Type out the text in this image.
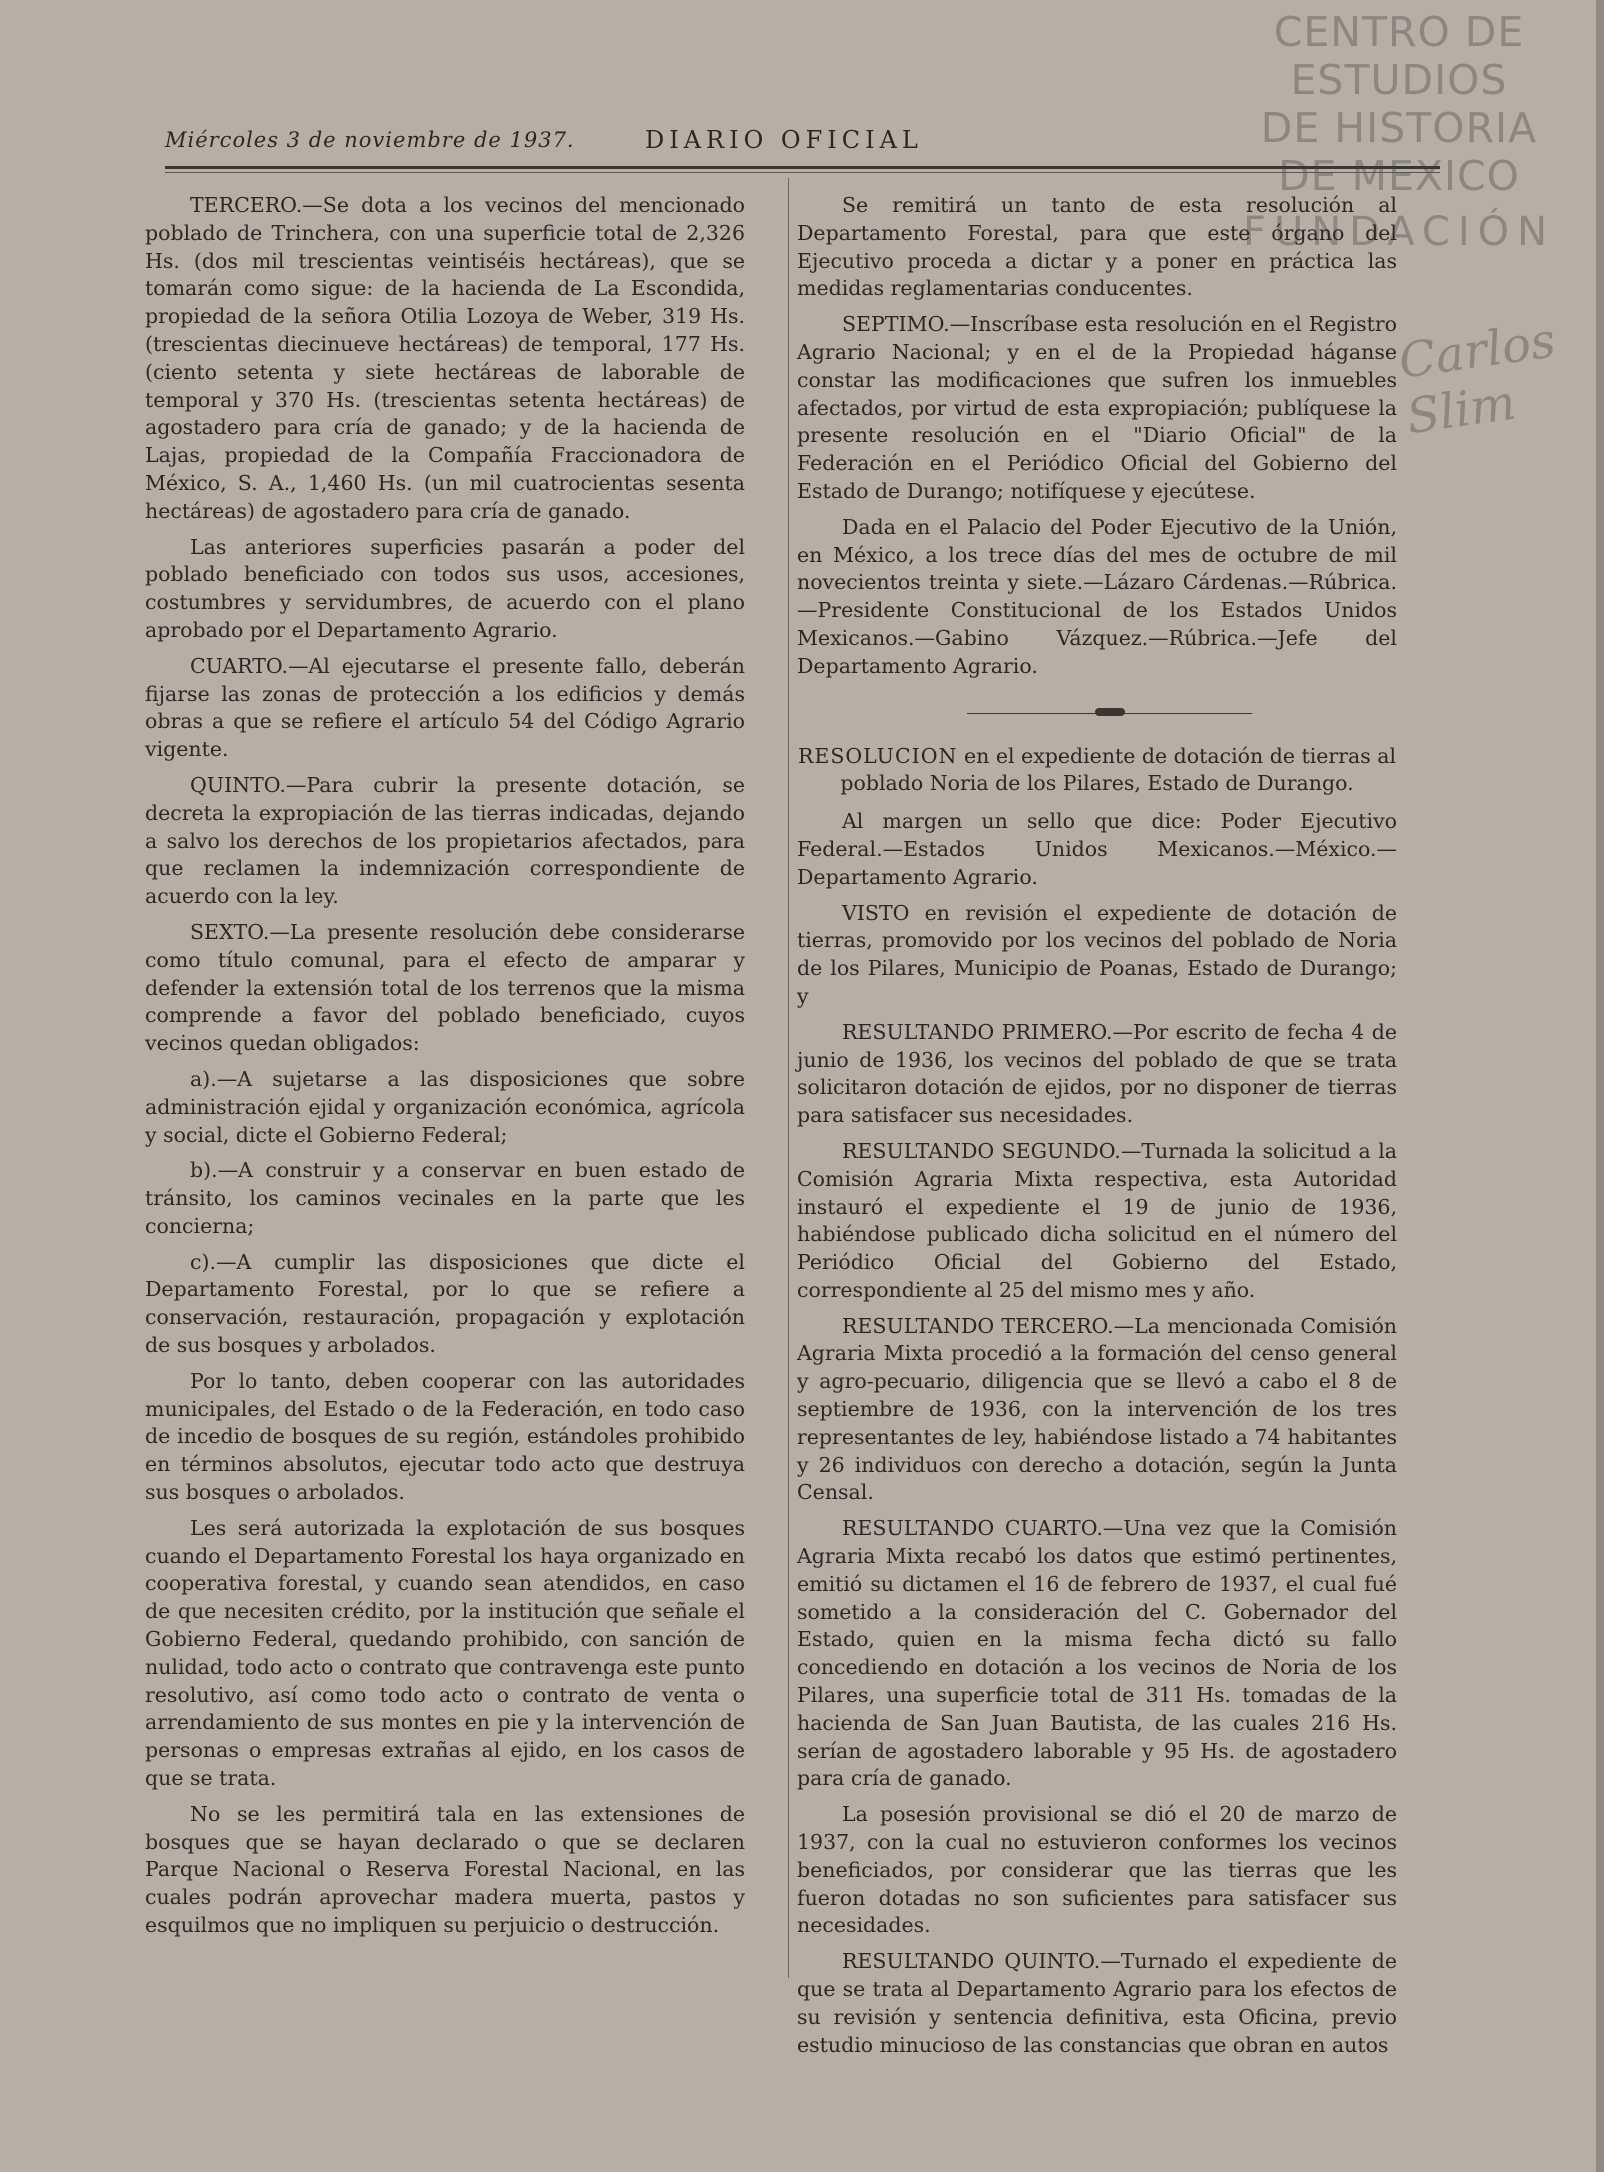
CENTRO DE
ESTUDIOS
DE HISTORIA
DE MEXICO
FUNDACIÓN
Carlos Slim
Miércoles 3 de noviembre de 1937.	DIARIO OFICIAL

TERCERO.—Se dota a los vecinos del mencionado poblado de Trinchera, con una superficie total de 2,326 Hs. (dos mil trescientas veintiséis hectáreas), que se tomarán como sigue: de la hacienda de La Escondida, propiedad de la señora Otilia Lozoya de Weber, 319 Hs. (trescientas diecinueve hectáreas) de temporal, 177 Hs. (ciento setenta y siete hectáreas de laborable de temporal y 370 Hs. (trescientas setenta hectáreas) de agostadero para cría de ganado; y de la hacienda de Lajas, propiedad de la Compañía Fraccionadora de México, S. A., 1,460 Hs. (un mil cuatrocientas sesenta hectáreas) de agostadero para cría de ganado.

Las anteriores superficies pasarán a poder del poblado beneficiado con todos sus usos, accesiones, costumbres y servidumbres, de acuerdo con el plano aprobado por el Departamento Agrario.

CUARTO.—Al ejecutarse el presente fallo, deberán fijarse las zonas de protección a los edificios y demás obras a que se refiere el artículo 54 del Código Agrario vigente.

QUINTO.—Para cubrir la presente dotación, se decreta la expropiación de las tierras indicadas, dejando a salvo los derechos de los propietarios afectados, para que reclamen la indemnización correspondiente de acuerdo con la ley.

SEXTO.—La presente resolución debe considerarse como título comunal, para el efecto de amparar y defender la extensión total de los terrenos que la misma comprende a favor del poblado beneficiado, cuyos vecinos quedan obligados:

a).—A sujetarse a las disposiciones que sobre administración ejidal y organización económica, agrícola y social, dicte el Gobierno Federal;

b).—A construir y a conservar en buen estado de tránsito, los caminos vecinales en la parte que les concierna;

c).—A cumplir las disposiciones que dicte el Departamento Forestal, por lo que se refiere a conservación, restauración, propagación y explotación de sus bosques y arbolados.

Por lo tanto, deben cooperar con las autoridades municipales, del Estado o de la Federación, en todo caso de incedio de bosques de su región, estándoles prohibido en términos absolutos, ejecutar todo acto que destruya sus bosques o arbolados.

Les será autorizada la explotación de sus bosques cuando el Departamento Forestal los haya organizado en cooperativa forestal, y cuando sean atendidos, en caso de que necesiten crédito, por la institución que señale el Gobierno Federal, quedando prohibido, con sanción de nulidad, todo acto o contrato que contravenga este punto resolutivo, así como todo acto o contrato de venta o arrendamiento de sus montes en pie y la intervención de personas o empresas extrañas al ejido, en los casos de que se trata.

No se les permitirá tala en las extensiones de bosques que se hayan declarado o que se declaren Parque Nacional o Reserva Forestal Nacional, en las cuales podrán aprovechar madera muerta, pastos y esquilmos que no impliquen su perjuicio o destrucción.

Se remitirá un tanto de esta resolución al Departamento Forestal, para que este órgano del Ejecutivo proceda a dictar y a poner en práctica las medidas reglamentarias conducentes.

SEPTIMO.—Inscríbase esta resolución en el Registro Agrario Nacional; y en el de la Propiedad háganse constar las modificaciones que sufren los inmuebles afectados, por virtud de esta expropiación; publíquese la presente resolución en el "Diario Oficial" de la Federación en el Periódico Oficial del Gobierno del Estado de Durango; notifíquese y ejecútese.

Dada en el Palacio del Poder Ejecutivo de la Unión, en México, a los trece días del mes de octubre de mil novecientos treinta y siete.—Lázaro Cárdenas.—Rúbrica.—Presidente Constitucional de los Estados Unidos Mexicanos.—Gabino Vázquez.—Rúbrica.—Jefe del Departamento Agrario.

RESOLUCION en el expediente de dotación de tierras al poblado Noria de los Pilares, Estado de Durango.

Al margen un sello que dice: Poder Ejecutivo Federal.—Estados Unidos Mexicanos.—México.—Departamento Agrario.

VISTO en revisión el expediente de dotación de tierras, promovido por los vecinos del poblado de Noria de los Pilares, Municipio de Poanas, Estado de Durango; y

RESULTANDO PRIMERO.—Por escrito de fecha 4 de junio de 1936, los vecinos del poblado de que se trata solicitaron dotación de ejidos, por no disponer de tierras para satisfacer sus necesidades.

RESULTANDO SEGUNDO.—Turnada la solicitud a la Comisión Agraria Mixta respectiva, esta Autoridad instauró el expediente el 19 de junio de 1936, habiéndose publicado dicha solicitud en el número del Periódico Oficial del Gobierno del Estado, correspondiente al 25 del mismo mes y año.

RESULTANDO TERCERO.—La mencionada Comisión Agraria Mixta procedió a la formación del censo general y agro-pecuario, diligencia que se llevó a cabo el 8 de septiembre de 1936, con la intervención de los tres representantes de ley, habiéndose listado a 74 habitantes y 26 individuos con derecho a dotación, según la Junta Censal.

RESULTANDO CUARTO.—Una vez que la Comisión Agraria Mixta recabó los datos que estimó pertinentes, emitió su dictamen el 16 de febrero de 1937, el cual fué sometido a la consideración del C. Gobernador del Estado, quien en la misma fecha dictó su fallo concediendo en dotación a los vecinos de Noria de los Pilares, una superficie total de 311 Hs. tomadas de la hacienda de San Juan Bautista, de las cuales 216 Hs. serían de agostadero laborable y 95 Hs. de agostadero para cría de ganado.

La posesión provisional se dió el 20 de marzo de 1937, con la cual no estuvieron conformes los vecinos beneficiados, por considerar que las tierras que les fueron dotadas no son suficientes para satisfacer sus necesidades.

RESULTANDO QUINTO.—Turnado el expediente de que se trata al Departamento Agrario para los efectos de su revisión y sentencia definitiva, esta Oficina, previo estudio minucioso de las constancias que obran en autos
